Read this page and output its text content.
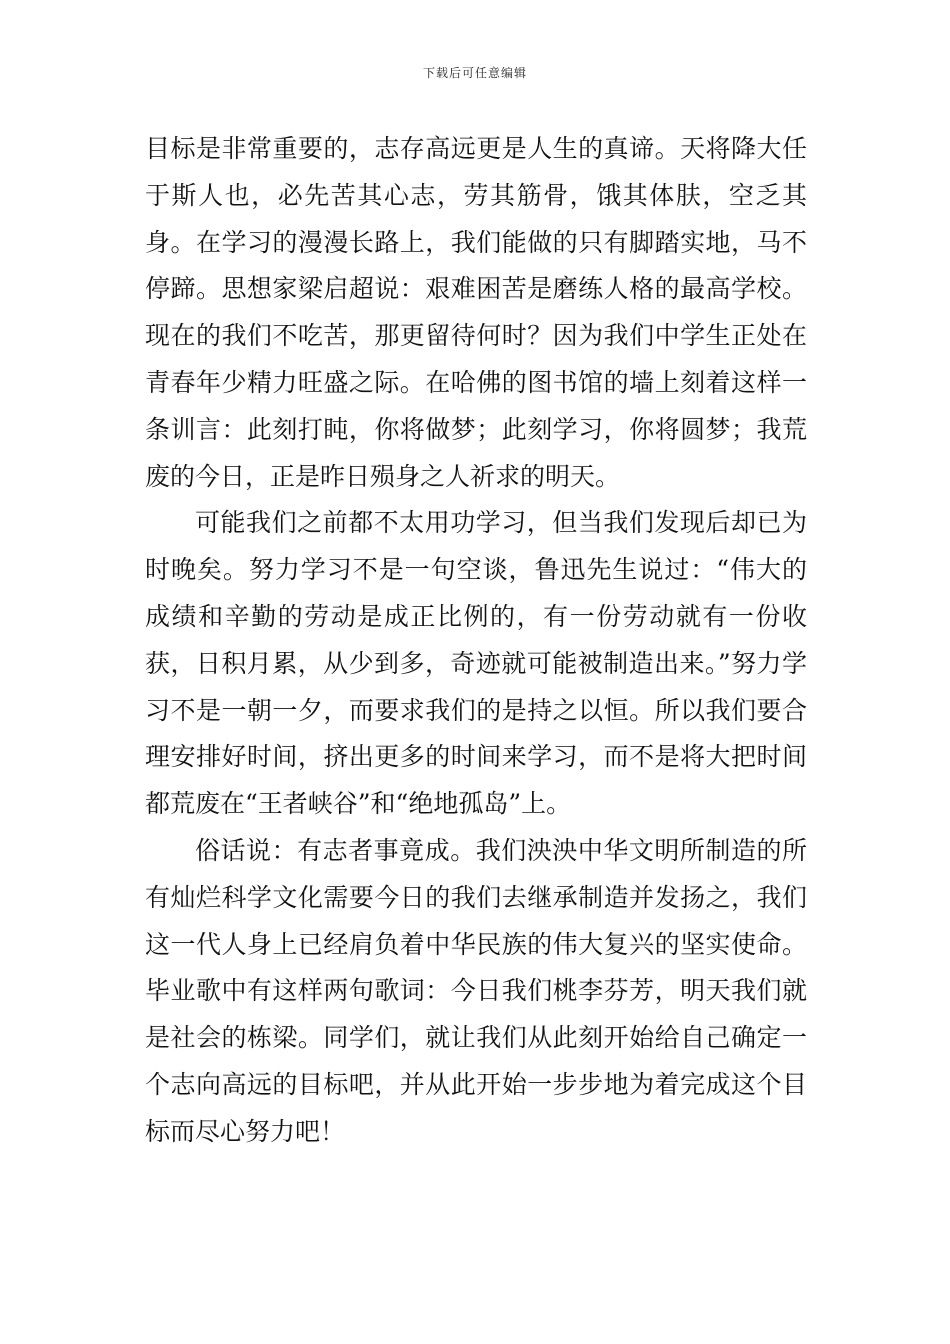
下载后可任意编辑

目标是非常重要的，志存高远更是人生的真谛。天将降大任于斯人也，必先苦其心志，劳其筋骨，饿其体肤，空乏其身。在学习的漫漫长路上，我们能做的只有脚踏实地，马不停蹄。思想家梁启超说：艰难困苦是磨练人格的最高学校。现在的我们不吃苦，那更留待何时？因为我们中学生正处在青春年少精力旺盛之际。在哈佛的图书馆的墙上刻着这样一条训言：此刻打盹，你将做梦；此刻学习，你将圆梦；我荒废的今日，正是昨日殒身之人祈求的明天。

可能我们之前都不太用功学习，但当我们发现后却已为时晚矣。努力学习不是一句空谈，鲁迅先生说过：“伟大的成绩和辛勤的劳动是成正比例的，有一份劳动就有一份收获，日积月累，从少到多，奇迹就可能被制造出来。”努力学习不是一朝一夕，而要求我们的是持之以恒。所以我们要合理安排好时间，挤出更多的时间来学习，而不是将大把时间都荒废在“王者峡谷”和“绝地孤岛”上。

俗话说：有志者事竟成。我们泱泱中华文明所制造的所有灿烂科学文化需要今日的我们去继承制造并发扬之，我们这一代人身上已经肩负着中华民族的伟大复兴的坚实使命。毕业歌中有这样两句歌词：今日我们桃李芬芳，明天我们就是社会的栋梁。同学们，就让我们从此刻开始给自己确定一个志向高远的目标吧，并从此开始一步步地为着完成这个目标而尽心努力吧！
